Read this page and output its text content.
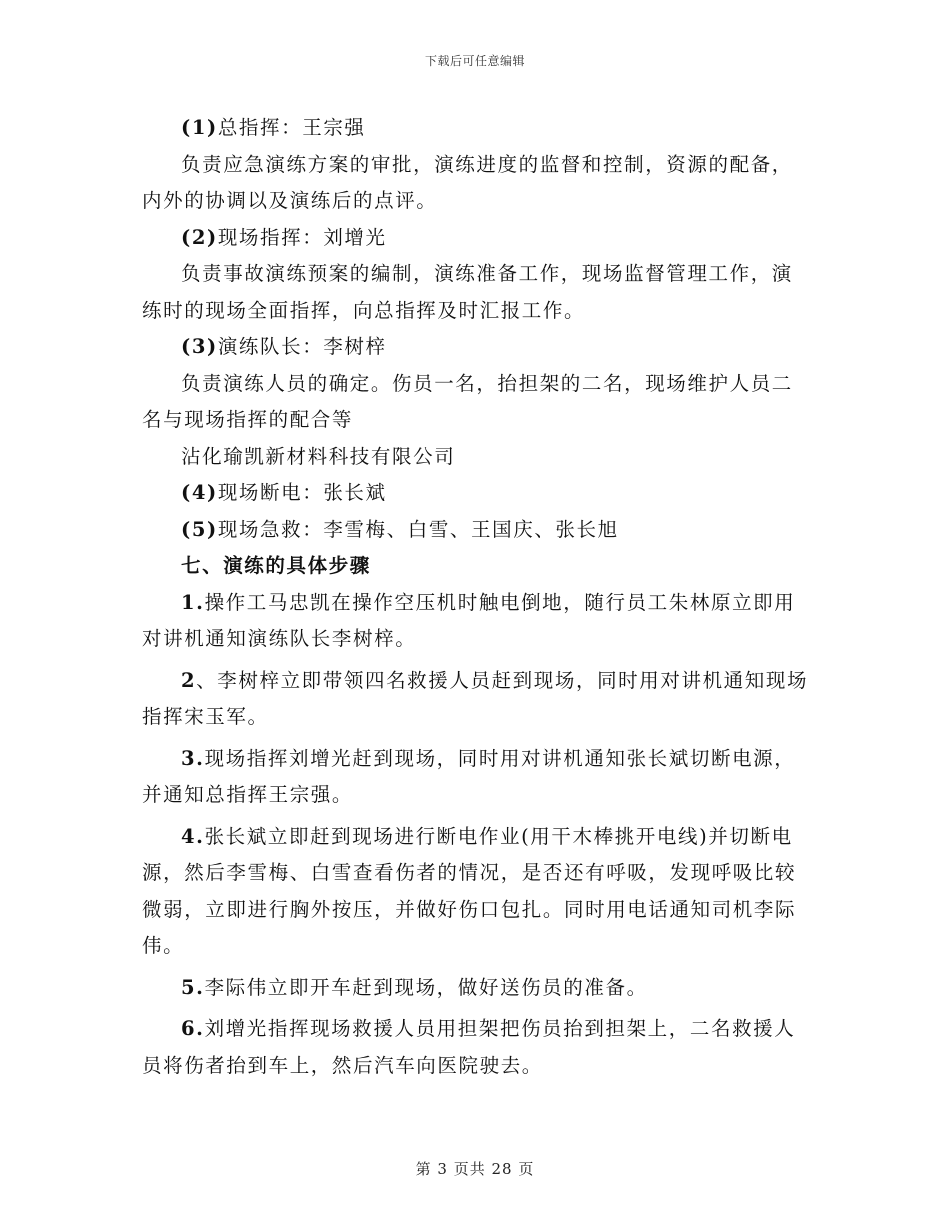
下载后可任意编辑

(1)总指挥：王宗强

负责应急演练方案的审批，演练进度的监督和控制，资源的配备，内外的协调以及演练后的点评。

(2)现场指挥：刘增光

负责事故演练预案的编制，演练准备工作，现场监督管理工作，演练时的现场全面指挥，向总指挥及时汇报工作。

(3)演练队长：李树梓

负责演练人员的确定。伤员一名，抬担架的二名，现场维护人员二名与现场指挥的配合等

沾化瑜凯新材料科技有限公司

(4)现场断电：张长斌

(5)现场急救：李雪梅、白雪、王国庆、张长旭

七、演练的具体步骤

1.操作工马忠凯在操作空压机时触电倒地，随行员工朱林原立即用对讲机通知演练队长李树梓。

2、李树梓立即带领四名救援人员赶到现场，同时用对讲机通知现场指挥宋玉军。

3.现场指挥刘增光赶到现场，同时用对讲机通知张长斌切断电源，并通知总指挥王宗强。

4.张长斌立即赶到现场进行断电作业(用干木棒挑开电线)并切断电源，然后李雪梅、白雪查看伤者的情况，是否还有呼吸，发现呼吸比较微弱，立即进行胸外按压，并做好伤口包扎。同时用电话通知司机李际伟。

5.李际伟立即开车赶到现场，做好送伤员的准备。

6.刘增光指挥现场救援人员用担架把伤员抬到担架上，二名救援人员将伤者抬到车上，然后汽车向医院驶去。

第 3 页共 28 页
